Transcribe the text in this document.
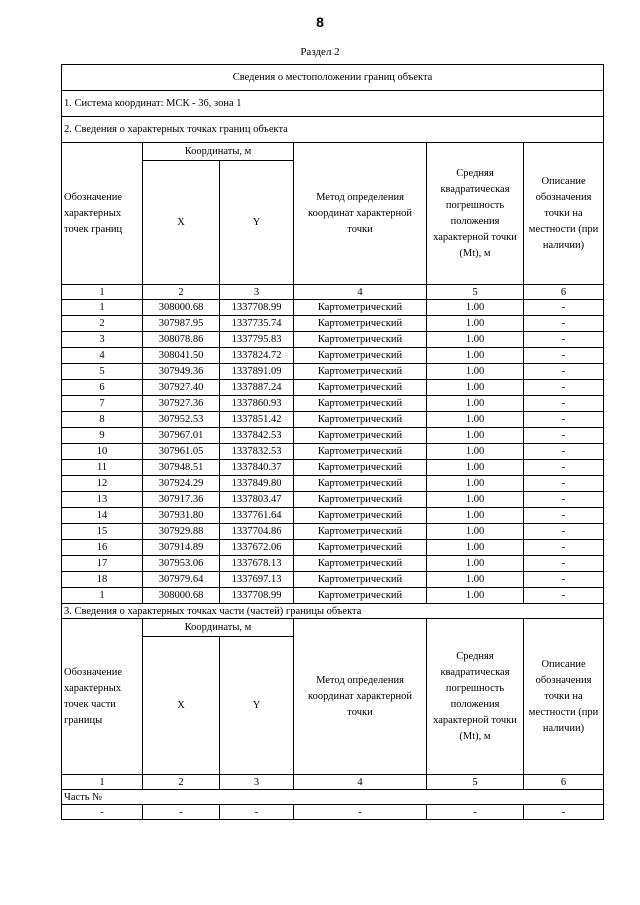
8
Раздел 2
Сведения о местоположении границ объекта					
1. Система координат: МСК - 36, зона 1					
2. Сведения о характерных точках границ объекта					
Обозначение характерных точек границ	Координаты, м		Метод определения координат характерной точки	Средняя квадратическая погрешность положения характерной точки (Mt), м	Описание обозначения точки на местности (при наличии)
	X	Y			
1	2	3	4	5	6
1	308000.68	1337708.99	Картометрический	1.00	-
2	307987.95	1337735.74	Картометрический	1.00	-
3	308078.86	1337795.83	Картометрический	1.00	-
4	308041.50	1337824.72	Картометрический	1.00	-
5	307949.36	1337891.09	Картометрический	1.00	-
6	307927.40	1337887.24	Картометрический	1.00	-
7	307927.36	1337860.93	Картометрический	1.00	-
8	307952.53	1337851.42	Картометрический	1.00	-
9	307967.01	1337842.53	Картометрический	1.00	-
10	307961.05	1337832.53	Картометрический	1.00	-
11	307948.51	1337840.37	Картометрический	1.00	-
12	307924.29	1337849.80	Картометрический	1.00	-
13	307917.36	1337803.47	Картометрический	1.00	-
14	307931.80	1337761.64	Картометрический	1.00	-
15	307929.88	1337704.86	Картометрический	1.00	-
16	307914.89	1337672.06	Картометрический	1.00	-
17	307953.06	1337678.13	Картометрический	1.00	-
18	307979.64	1337697.13	Картометрический	1.00	-
1	308000.68	1337708.99	Картометрический	1.00	-
3. Сведения о характерных точках части (частей) границы объекта					
Обозначение характерных точек части границы	Координаты, м		Метод определения координат характерной точки	Средняя квадратическая погрешность положения характерной точки (Mt), м	Описание обозначения точки на местности (при наличии)
	X	Y			
1	2	3	4	5	6
Часть №					
-	-	-	-	-	-
